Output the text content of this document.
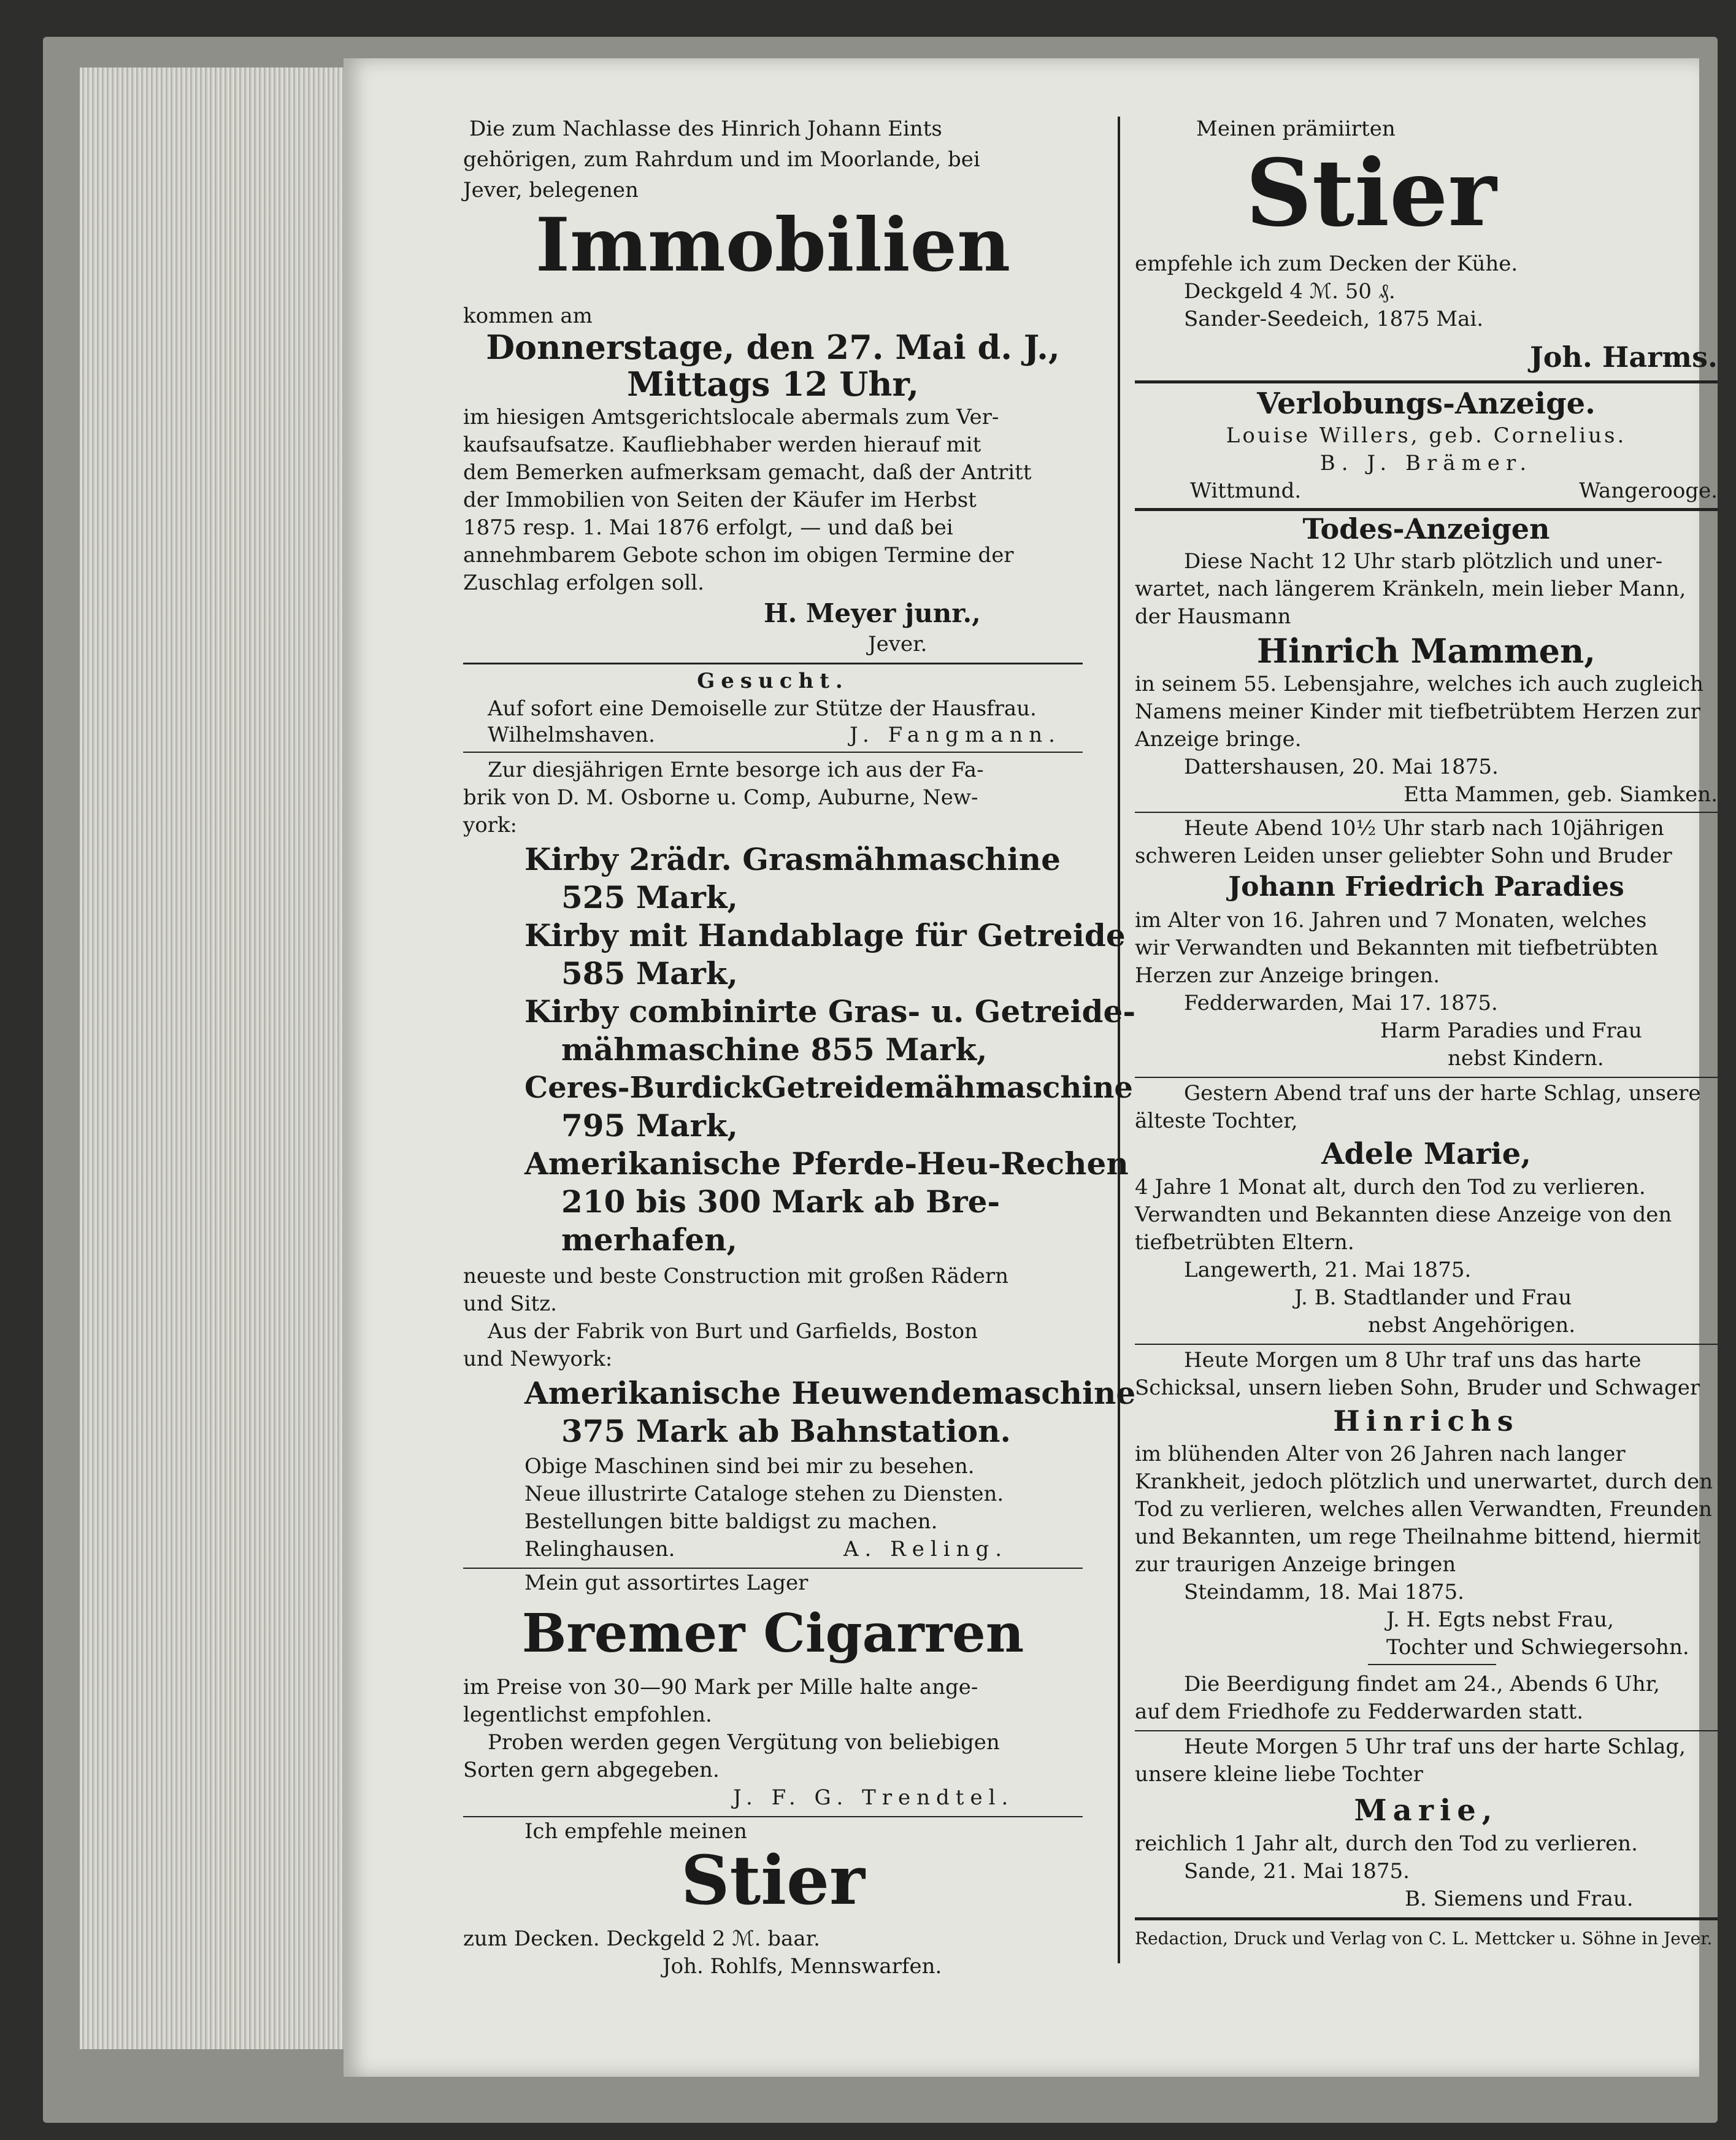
Die zum Nachlasse des Hinrich Johann Eints
gehörigen, zum Rahrdum und im Moorlande, bei
Jever, belegenen
Immobilien
kommen am
Donnerstage, den 27. Mai d. J.,
Mittags 12 Uhr,
im hiesigen Amtsgerichtslocale abermals zum Ver-
kaufsaufsatze. Kaufliebhaber werden hierauf mit
dem Bemerken aufmerksam gemacht, daß der Antritt
der Immobilien von Seiten der Käufer im Herbst
1875 resp. 1. Mai 1876 erfolgt, — und daß bei
annehmbarem Gebote schon im obigen Termine der
Zuschlag erfolgen soll.
H. Meyer junr.,
Jever.
Gesucht.
Auf sofort eine Demoiselle zur Stütze der Hausfrau.
Wilhelmshaven.	J. Fangmann.
Zur diesjährigen Ernte besorge ich aus der Fa-
brik von D. M. Osborne u. Comp, Auburne, New-
york:
Kirby 2rädr. Grasmähmaschine
525 Mark,
Kirby mit Handablage für Getreide
585 Mark,
Kirby combinirte Gras- u. Getreide-
mähmaschine 855 Mark,
Ceres-BurdickGetreidemähmaschine
795 Mark,
Amerikanische Pferde-Heu-Rechen
210 bis 300 Mark ab Bre-
merhafen,
neueste und beste Construction mit großen Rädern
und Sitz.
Aus der Fabrik von Burt und Garfields, Boston
und Newyork:
Amerikanische Heuwendemaschine
375 Mark ab Bahnstation.
Obige Maschinen sind bei mir zu besehen.
Neue illustrirte Cataloge stehen zu Diensten.
Bestellungen bitte baldigst zu machen.
Relinghausen.	A. Reling.
Mein gut assortirtes Lager
Bremer Cigarren
im Preise von 30—90 Mark per Mille halte ange-
legentlichst empfohlen.
Proben werden gegen Vergütung von beliebigen
Sorten gern abgegeben.
J. F. G. Trendtel.
Ich empfehle meinen
Stier
zum Decken. Deckgeld 2 ℳ. baar.
Joh. Rohlfs, Mennswarfen.
Meinen prämiirten
Stier
empfehle ich zum Decken der Kühe.
Deckgeld 4 ℳ. 50 ₰.
Sander-Seedeich, 1875 Mai.
Joh. Harms.
Verlobungs-Anzeige.
Louise Willers, geb. Cornelius.
B. J. Brämer.
Wittmund.	Wangerooge.
Todes-Anzeigen
Diese Nacht 12 Uhr starb plötzlich und uner-
wartet, nach längerem Kränkeln, mein lieber Mann,
der Hausmann
Hinrich Mammen,
in seinem 55. Lebensjahre, welches ich auch zugleich
Namens meiner Kinder mit tiefbetrübtem Herzen zur
Anzeige bringe.
Dattershausen, 20. Mai 1875.
Etta Mammen, geb. Siamken.
Heute Abend 10½ Uhr starb nach 10jährigen
schweren Leiden unser geliebter Sohn und Bruder
Johann Friedrich Paradies
im Alter von 16. Jahren und 7 Monaten, welches
wir Verwandten und Bekannten mit tiefbetrübten
Herzen zur Anzeige bringen.
Fedderwarden, Mai 17. 1875.
Harm Paradies und Frau
nebst Kindern.
Gestern Abend traf uns der harte Schlag, unsere
älteste Tochter,
Adele Marie,
4 Jahre 1 Monat alt, durch den Tod zu verlieren.
Verwandten und Bekannten diese Anzeige von den
tiefbetrübten Eltern.
Langewerth, 21. Mai 1875.
J. B. Stadtlander und Frau
nebst Angehörigen.
Heute Morgen um 8 Uhr traf uns das harte
Schicksal, unsern lieben Sohn, Bruder und Schwager
Hinrichs
im blühenden Alter von 26 Jahren nach langer
Krankheit, jedoch plötzlich und unerwartet, durch den
Tod zu verlieren, welches allen Verwandten, Freunden
und Bekannten, um rege Theilnahme bittend, hiermit
zur traurigen Anzeige bringen
Steindamm, 18. Mai 1875.
J. H. Egts nebst Frau,
Tochter und Schwiegersohn.
Die Beerdigung findet am 24., Abends 6 Uhr,
auf dem Friedhofe zu Fedderwarden statt.
Heute Morgen 5 Uhr traf uns der harte Schlag,
unsere kleine liebe Tochter
Marie,
reichlich 1 Jahr alt, durch den Tod zu verlieren.
Sande, 21. Mai 1875.
B. Siemens und Frau.
Redaction, Druck und Verlag von C. L. Mettcker u. Söhne in Jever.
